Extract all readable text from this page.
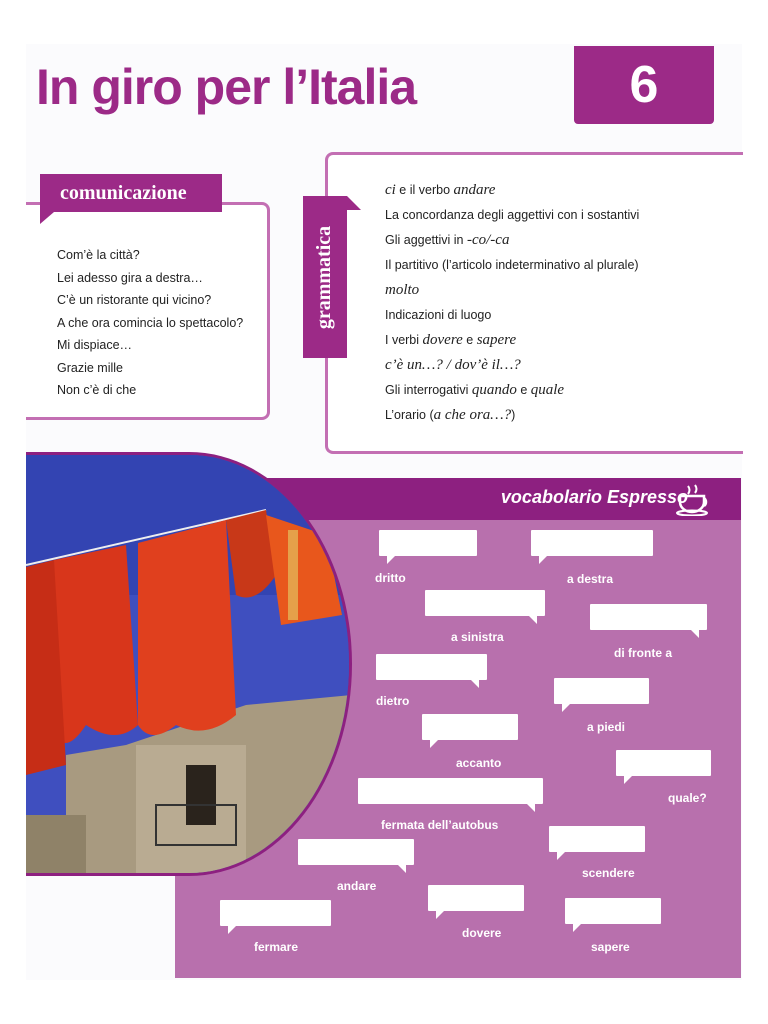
In giro per l’Italia	6
comunicazione
Com’è la città?
Lei adesso gira a destra…
C’è un ristorante qui vicino?
A che ora comincia lo spettacolo?
Mi dispiace…
Grazie mille
Non c’è di che
grammatica
ci e il verbo andare
La concordanza degli aggettivi con i sostantivi
Gli aggettivi in -co/-ca
Il partitivo (l’articolo indeterminativo al plurale)
molto
Indicazioni di luogo
I verbi dovere e sapere
c’è un…? / dov’è il…?
Gli interrogativi quando e quale
L’orario (a che ora…?)
vocabolario Espresso
dritto	a destra
a sinistra
di fronte a
dietro
a piedi
accanto
quale?
fermata dell’autobus
scendere
andare
dovere
fermare	sapere
